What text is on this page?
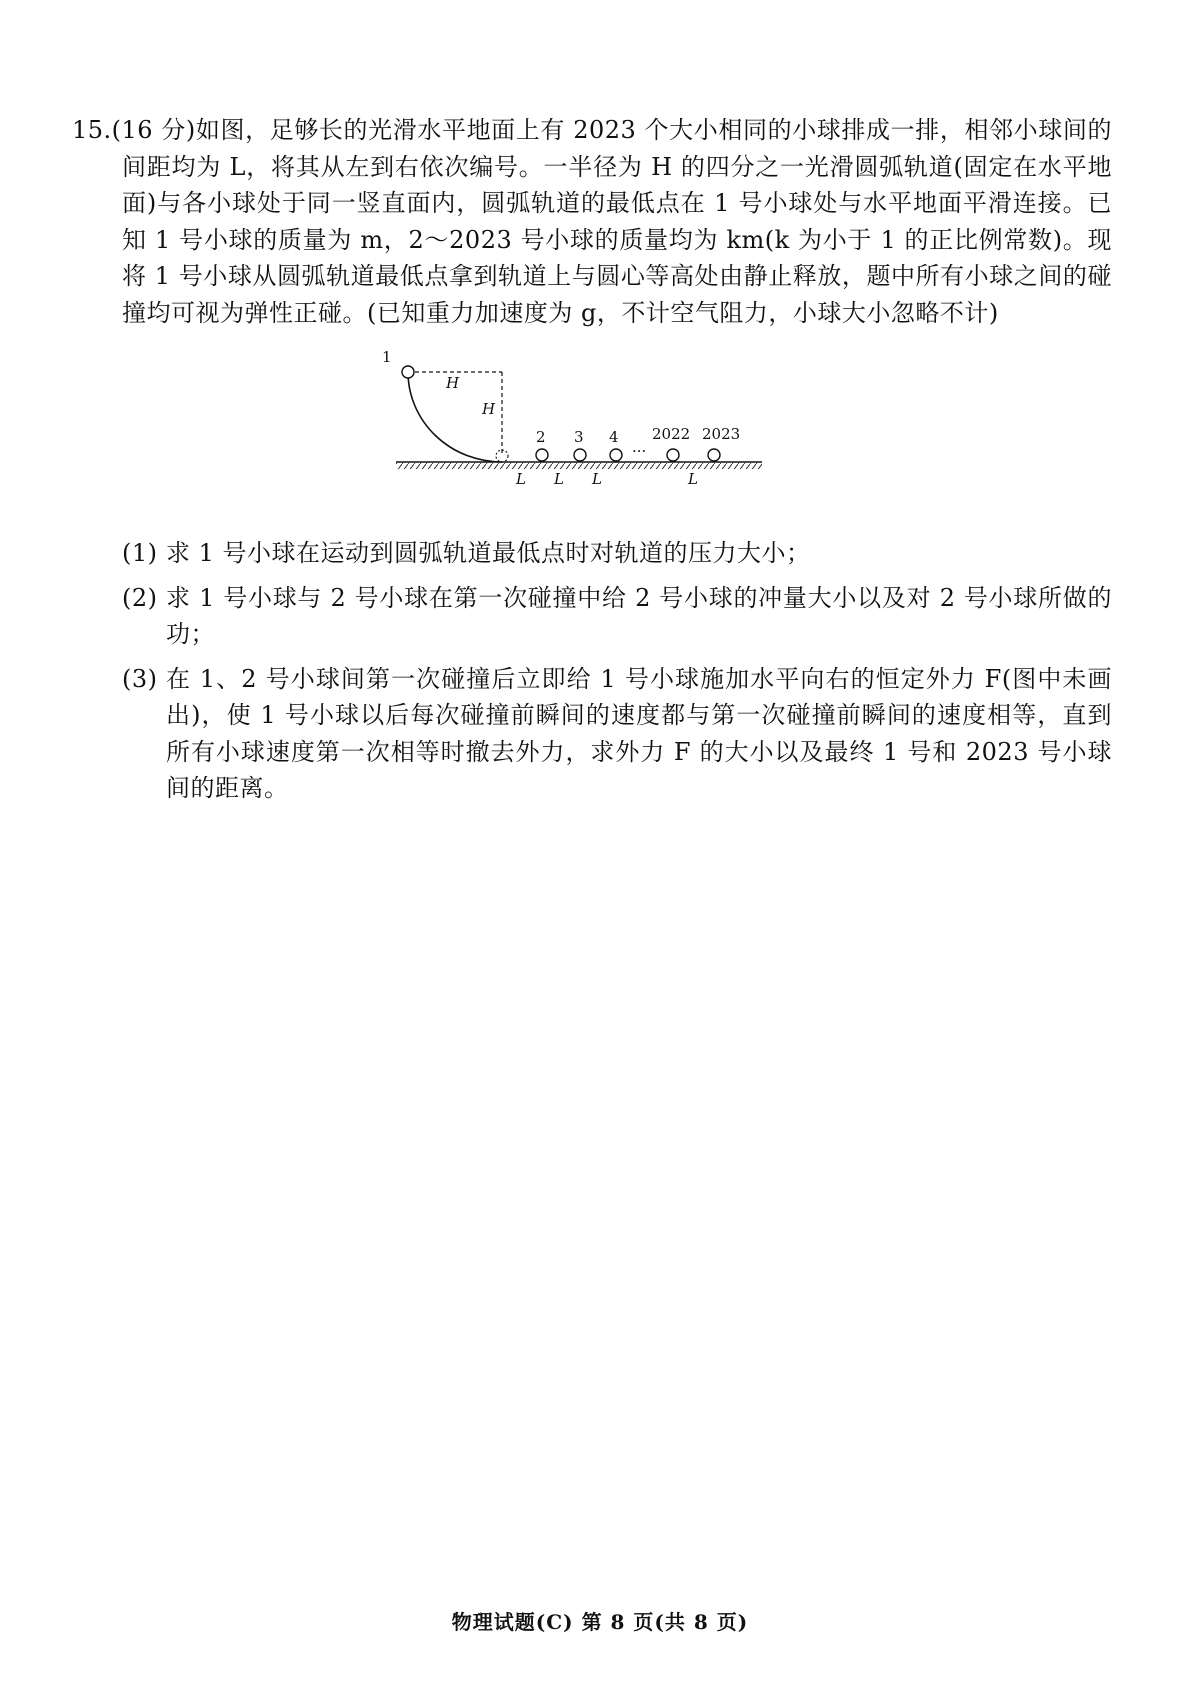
15.(16 分)如图，足够长的光滑水平地面上有 2023 个大小相同的小球排成一排，相邻小球间的间距均为 L，将其从左到右依次编号。一半径为 H 的四分之一光滑圆弧轨道(固定在水平地面)与各小球处于同一竖直面内，圆弧轨道的最低点在 1 号小球处与水平地面平滑连接。已知 1 号小球的质量为 m，2～2023 号小球的质量均为 km(k 为小于 1 的正比例常数)。现将 1 号小球从圆弧轨道最低点拿到轨道上与圆心等高处由静止释放，题中所有小球之间的碰撞均可视为弹性正碰。(已知重力加速度为 g，不计空气阻力，小球大小忽略不计)

1
2 3 4
···
2022 2023
H
H
L L L	L
(1) 求 1 号小球在运动到圆弧轨道最低点时对轨道的压力大小；
(2) 求 1 号小球与 2 号小球在第一次碰撞中给 2 号小球的冲量大小以及对 2 号小球所做的功；
(3) 在 1、2 号小球间第一次碰撞后立即给 1 号小球施加水平向右的恒定外力 F(图中未画出)，使 1 号小球以后每次碰撞前瞬间的速度都与第一次碰撞前瞬间的速度相等，直到所有小球速度第一次相等时撤去外力，求外力 F 的大小以及最终 1 号和 2023 号小球间的距离。
物理试题(C) 第 8 页(共 8 页)
